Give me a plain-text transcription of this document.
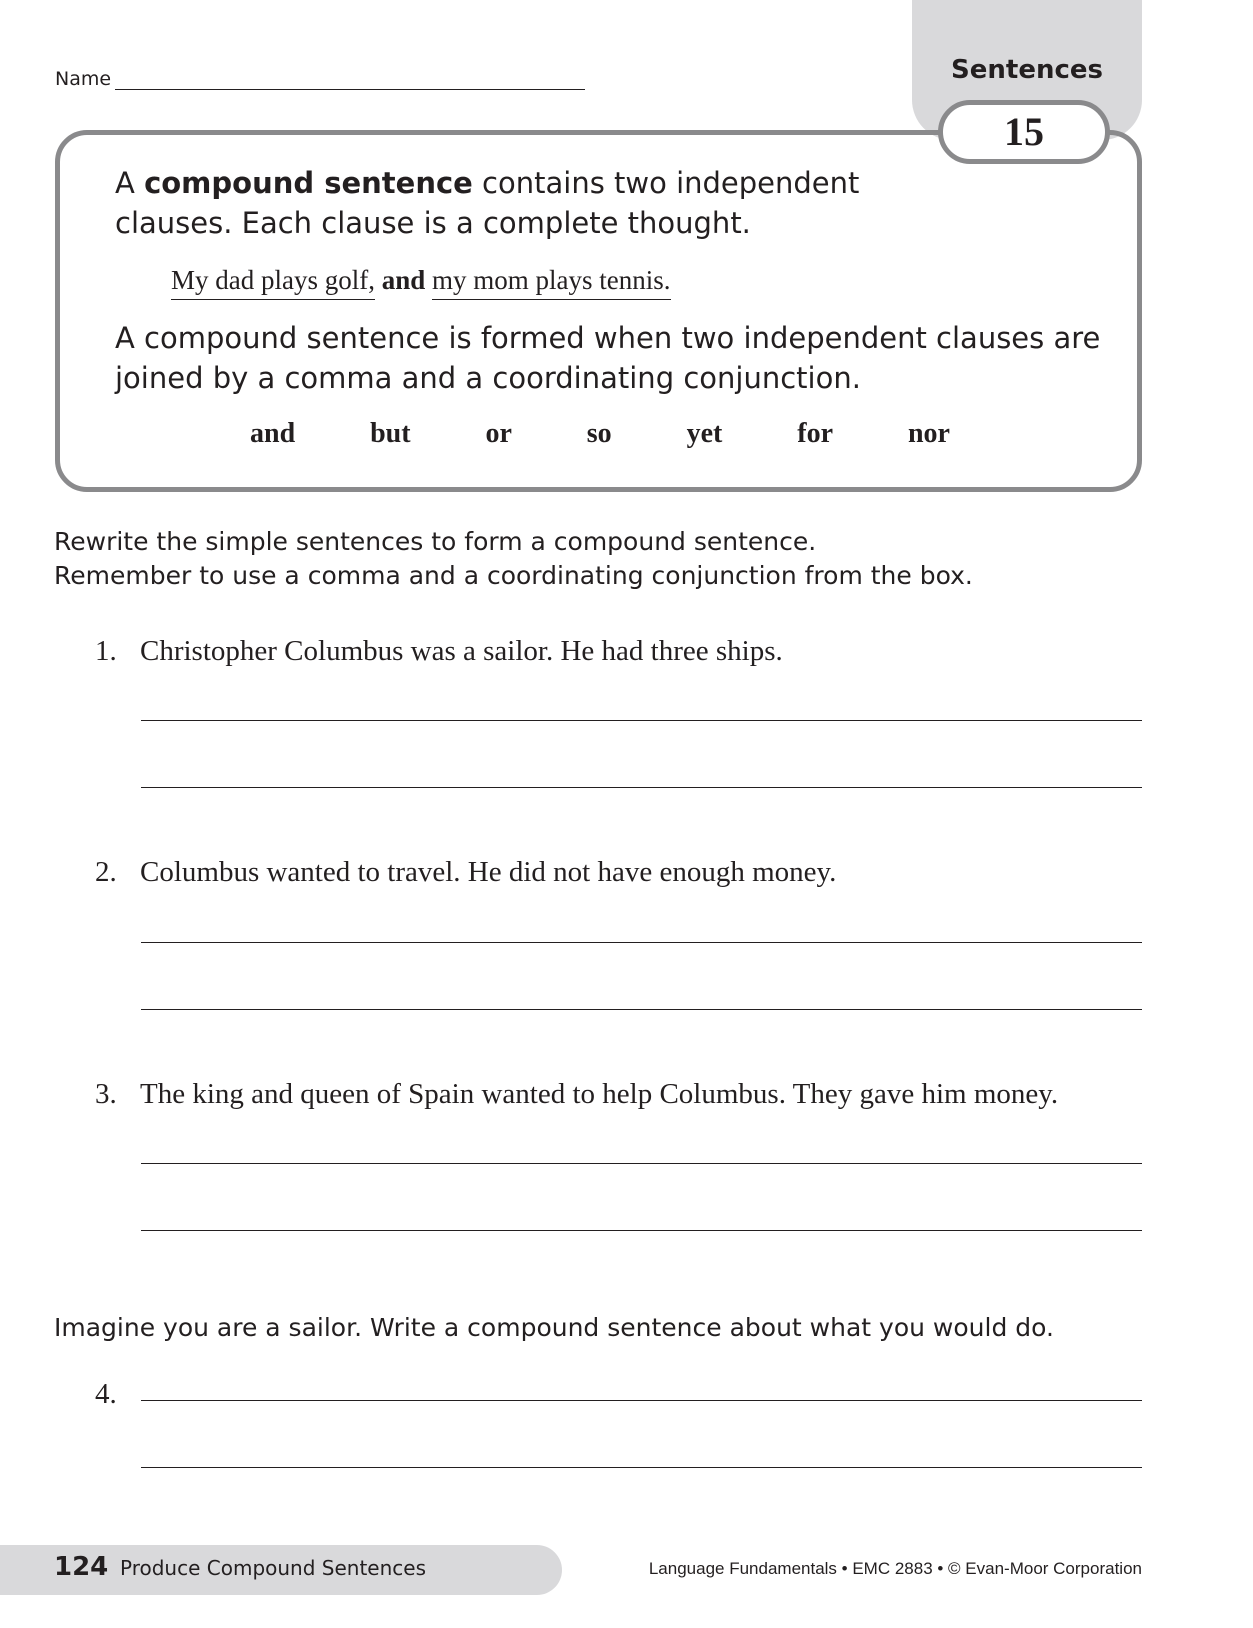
Name	Sentences
15
A compound sentence contains two independent clauses. Each clause is a complete thought.
My dad plays golf, and my mom plays tennis.
A compound sentence is formed when two independent clauses are joined by a comma and a coordinating conjunction.
and	but	or	so	yet	for	nor
Rewrite the simple sentences to form a compound sentence.
Remember to use a comma and a coordinating conjunction from the box.
1. Christopher Columbus was a sailor. He had three ships.
2. Columbus wanted to travel. He did not have enough money.
3. The king and queen of Spain wanted to help Columbus. They gave him money.
Imagine you are a sailor. Write a compound sentence about what you would do.
4.
124 Produce Compound Sentences	Language Fundamentals • EMC 2883 • © Evan-Moor Corporation
